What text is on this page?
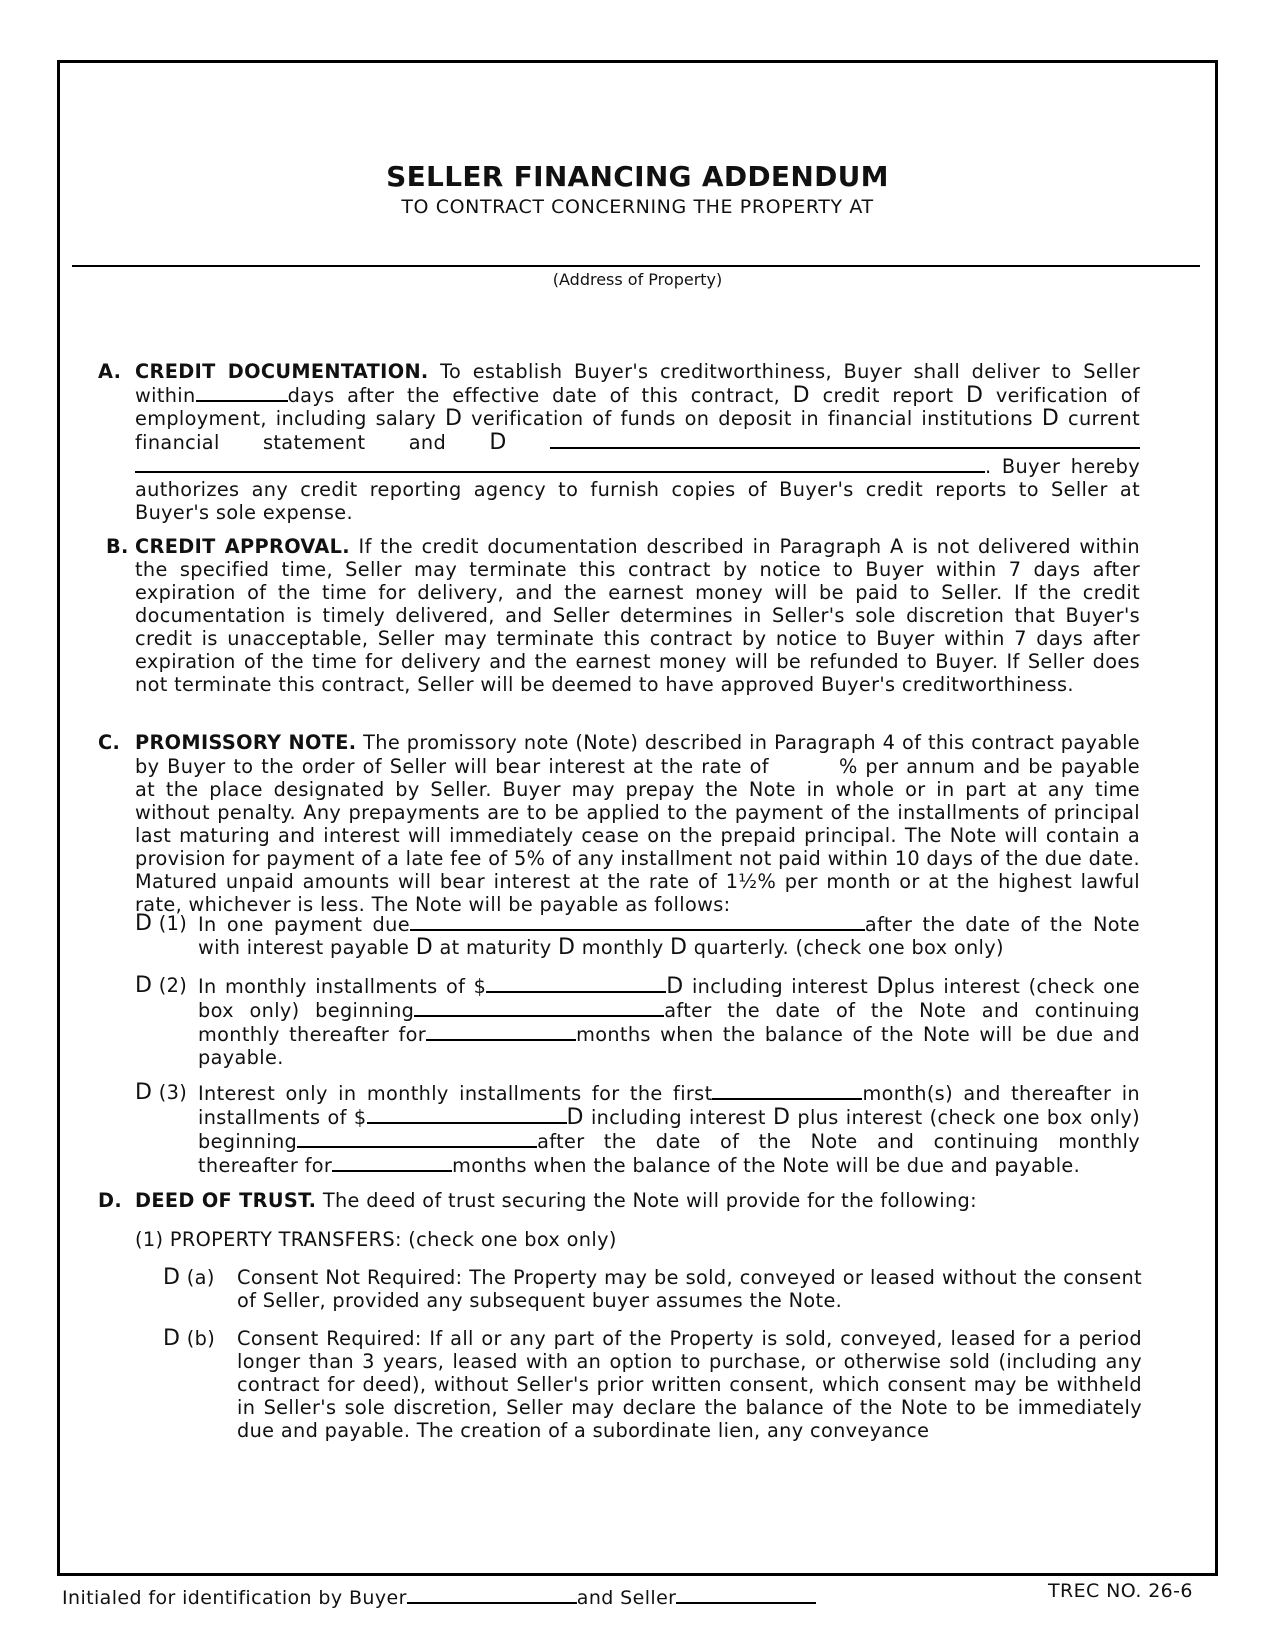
SELLER FINANCING ADDENDUM
TO CONTRACT CONCERNING THE PROPERTY AT
(Address of Property)
A. CREDIT DOCUMENTATION. To establish Buyer's creditworthiness, Buyer shall deliver to Seller within	days after the effective date of this contract, D credit report D verification of employment, including salary D verification of funds on deposit in financial institutions D current financial statement and D  . Buyer hereby authorizes any credit reporting agency to furnish copies of Buyer's credit reports to Seller at Buyer's sole expense.
B. CREDIT APPROVAL. If the credit documentation described in Paragraph A is not delivered within the specified time, Seller may terminate this contract by notice to Buyer within 7 days after expiration of the time for delivery, and the earnest money will be paid to Seller. If the credit documentation is timely delivered, and Seller determines in Seller's sole discretion that Buyer's credit is unacceptable, Seller may terminate this contract by notice to Buyer within 7 days after expiration of the time for delivery and the earnest money will be refunded to Buyer. If Seller does not terminate this contract, Seller will be deemed to have approved Buyer's creditworthiness.
C. PROMISSORY NOTE. The promissory note (Note) described in Paragraph 4 of this contract payable by Buyer to the order of Seller will bear interest at the rate of	% per annum and be payable at the place designated by Seller. Buyer may prepay the Note in whole or in part at any time without penalty. Any prepayments are to be applied to the payment of the installments of principal last maturing and interest will immediately cease on the prepaid principal. The Note will contain a provision for payment of a late fee of 5% of any installment not paid within 10 days of the due date. Matured unpaid amounts will bear interest at the rate of 1½% per month or at the highest lawful rate, whichever is less. The Note will be payable as follows:
D (1) In one payment due	after the date of the Note with interest payable D at maturity D monthly D quarterly. (check one box only)
D (2) In monthly installments of $	D including interest Dplus interest (check one box only) beginning	after the date of the Note and continuing monthly thereafter for	months when the balance of the Note will be due and payable.
D (3) Interest only in monthly installments for the first	month(s) and thereafter in installments of $	D including interest D plus interest (check one box only) beginning	after the date of the Note and continuing monthly thereafter for	months when the balance of the Note will be due and payable.
D. DEED OF TRUST. The deed of trust securing the Note will provide for the following:
(1) PROPERTY TRANSFERS: (check one box only)
D (a) Consent Not Required: The Property may be sold, conveyed or leased without the consent of Seller, provided any subsequent buyer assumes the Note.
D (b) Consent Required: If all or any part of the Property is sold, conveyed, leased for a period longer than 3 years, leased with an option to purchase, or otherwise sold (including any contract for deed), without Seller's prior written consent, which consent may be withheld in Seller's sole discretion, Seller may declare the balance of the Note to be immediately due and payable. The creation of a subordinate lien, any conveyance
Initialed for identification by Buyer	and Seller	TREC NO. 26-6
